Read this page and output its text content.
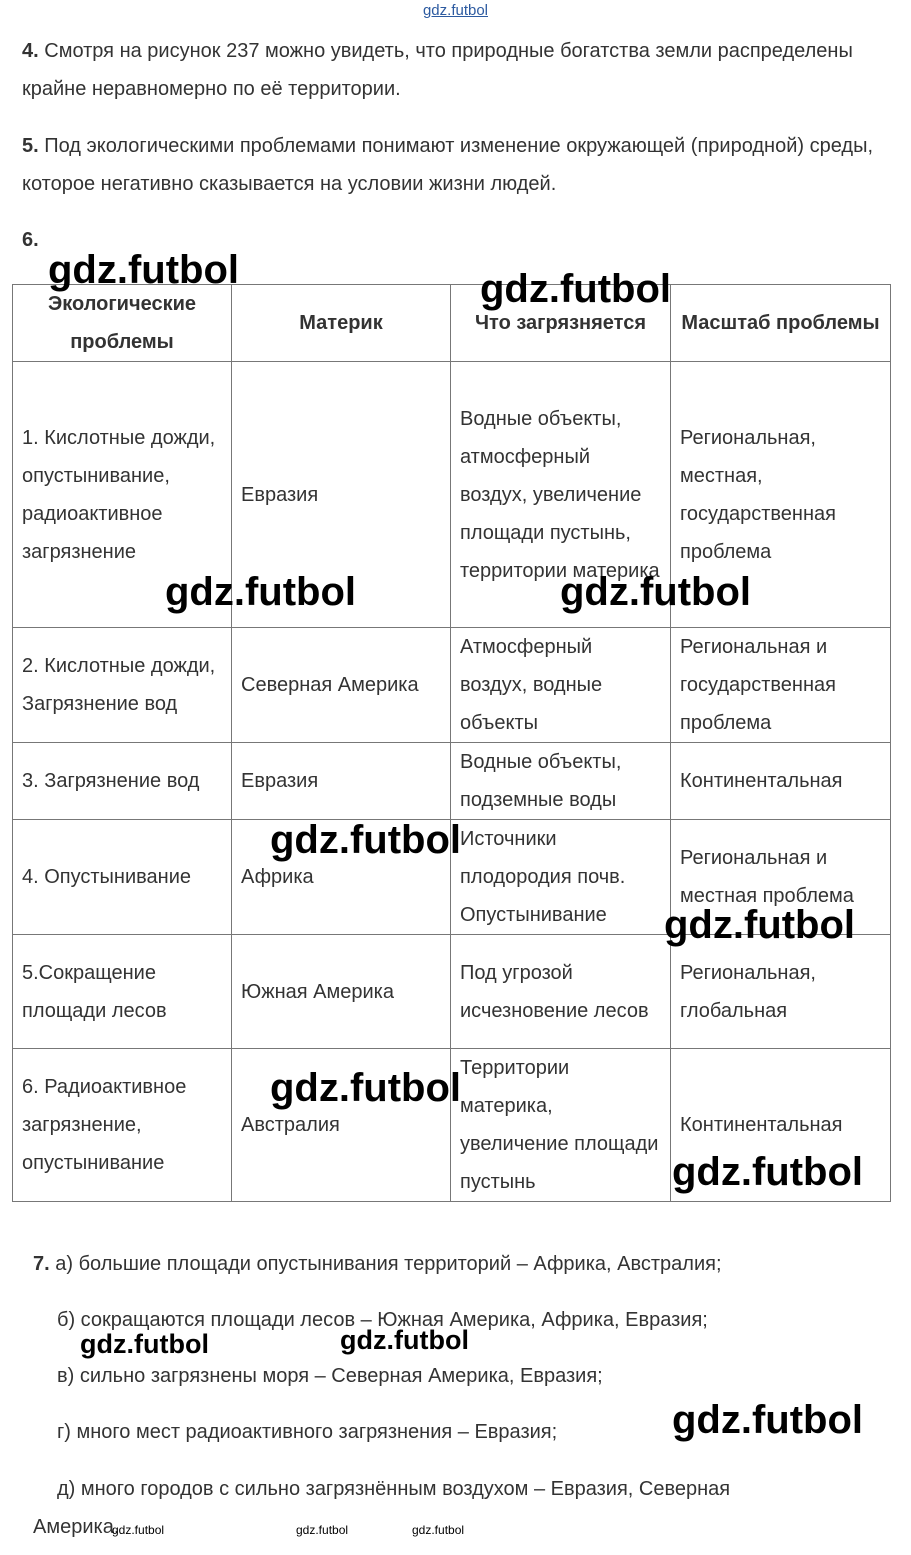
gdz.futbol

4. Смотря на рисунок 237 можно увидеть, что природные богатства земли распределены крайне неравномерно по её территории.

5. Под экологическими проблемами понимают изменение окружающей (природной) среды, которое негативно сказывается на условии жизни людей.

6.

Экологические проблемы	Материк	Что загрязняется	Масштаб проблемы
1. Кислотные дожди, опустынивание, радиоактивное загрязнение	Евразия	Водные объекты, атмосферный воздух, увеличение площади пустынь, территории материка	Региональная, местная, государственная проблема
2. Кислотные дожди, Загрязнение вод	Северная Америка	Атмосферный воздух, водные объекты	Региональная и государственная проблема
3. Загрязнение вод	Евразия	Водные объекты, подземные воды	Континентальная
4. Опустынивание	Африка	Источники плодородия почв. Опустынивание	Региональная и местная проблема
5.Сокращение площади лесов	Южная Америка	Под угрозой исчезновение лесов	Региональная, глобальная
6. Радиоактивное загрязнение, опустынивание	Австралия	Территории материка, увеличение площади пустынь	Континентальная

7. а) большие площади опустынивания территорий – Африка, Австралия;

б) сокращаются площади лесов – Южная Америка, Африка, Евразия;

в) сильно загрязнены моря – Северная Америка, Евразия;

г) много мест радиоактивного загрязнения – Евразия;

д) много городов с сильно загрязнённым воздухом – Евразия, Северная Америка.

gdz.futbol	gdz.futbol
gdz.futbol	gdz.futbol
gdz.futbol
gdz.futbol
gdz.futbol
gdz.futbol
gdz.futbol
gdz.futbol	gdz.futbol
gdz.futbol	gdz.futbol	gdz.futbol
